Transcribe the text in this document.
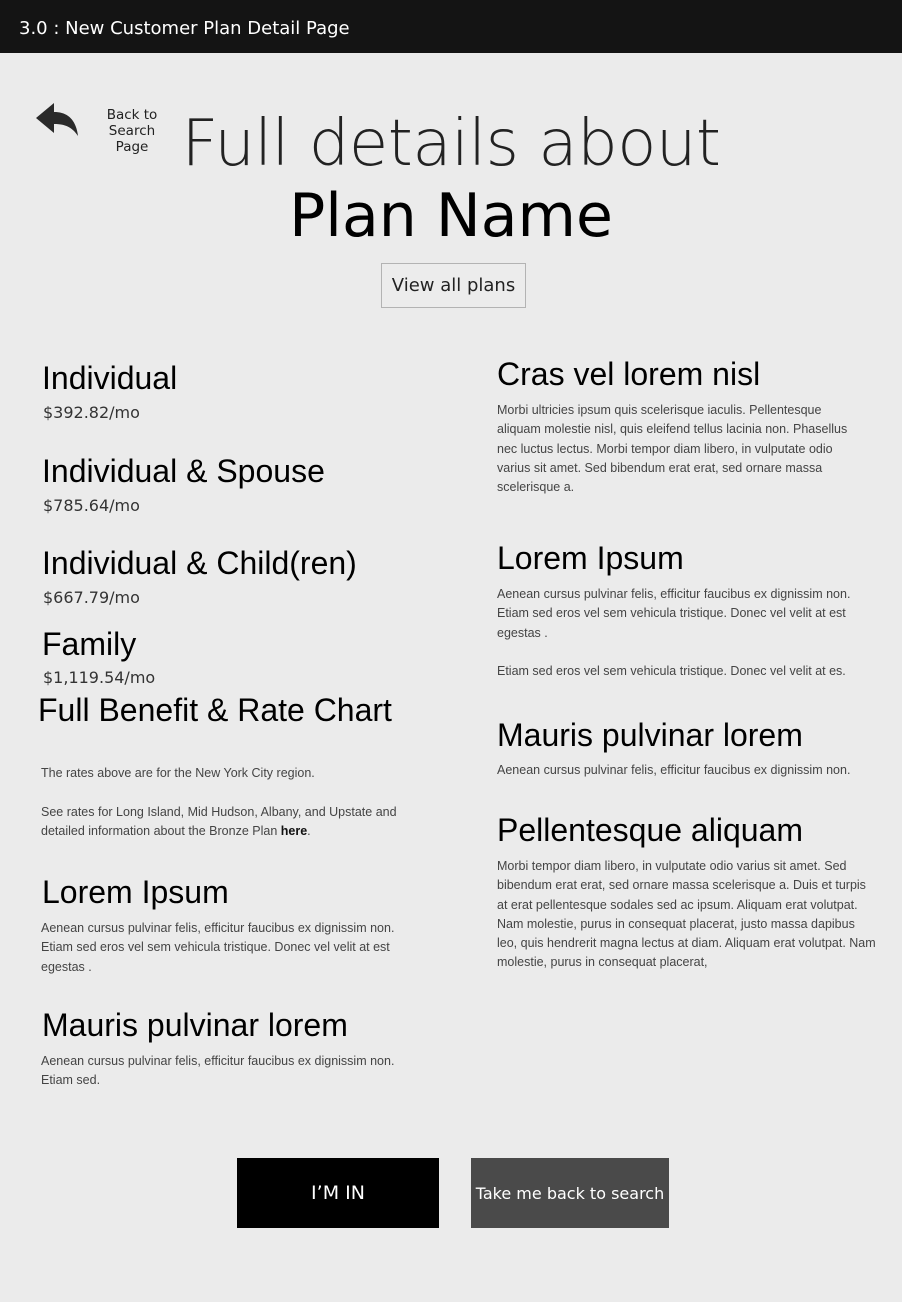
3.0 : New Customer Plan Detail Page
Back to
Search Page Full details about
Plan Name
View all plans
Individual
$392.82/mo
Individual & Spouse
$785.64/mo
Individual & Child(ren)
$667.79/mo
Family
$1,119.54/mo
Full Benefit & Rate Chart
The rates above are for the New York City region.
See rates for Long Island, Mid Hudson, Albany, and Upstate and detailed information about the Bronze Plan here.
Lorem Ipsum
Aenean cursus pulvinar felis, efficitur faucibus ex dignissim non. Etiam sed eros vel sem vehicula tristique. Donec vel velit at est egestas .
Mauris pulvinar lorem
Aenean cursus pulvinar felis, efficitur faucibus ex dignissim non. Etiam sed.
Cras vel lorem nisl
Morbi ultricies ipsum quis scelerisque iaculis. Pellentesque aliquam molestie nisl, quis eleifend tellus lacinia non. Phasellus nec luctus lectus. Morbi tempor diam libero, in vulputate odio varius sit amet. Sed bibendum erat erat, sed ornare massa scelerisque a.
Lorem Ipsum
Aenean cursus pulvinar felis, efficitur faucibus ex dignissim non. Etiam sed eros vel sem vehicula tristique. Donec vel velit at est egestas .
Etiam sed eros vel sem vehicula tristique. Donec vel velit at es.
Mauris pulvinar lorem
Aenean cursus pulvinar felis, efficitur faucibus ex dignissim non.
Pellentesque aliquam
Morbi tempor diam libero, in vulputate odio varius sit amet. Sed bibendum erat erat, sed ornare massa scelerisque a. Duis et turpis at erat pellentesque sodales sed ac ipsum. Aliquam erat volutpat. Nam molestie, purus in consequat placerat, justo massa dapibus leo, quis hendrerit magna lectus at diam. Aliquam erat volutpat. Nam molestie, purus in consequat placerat,
I’M IN	Take me back to search
